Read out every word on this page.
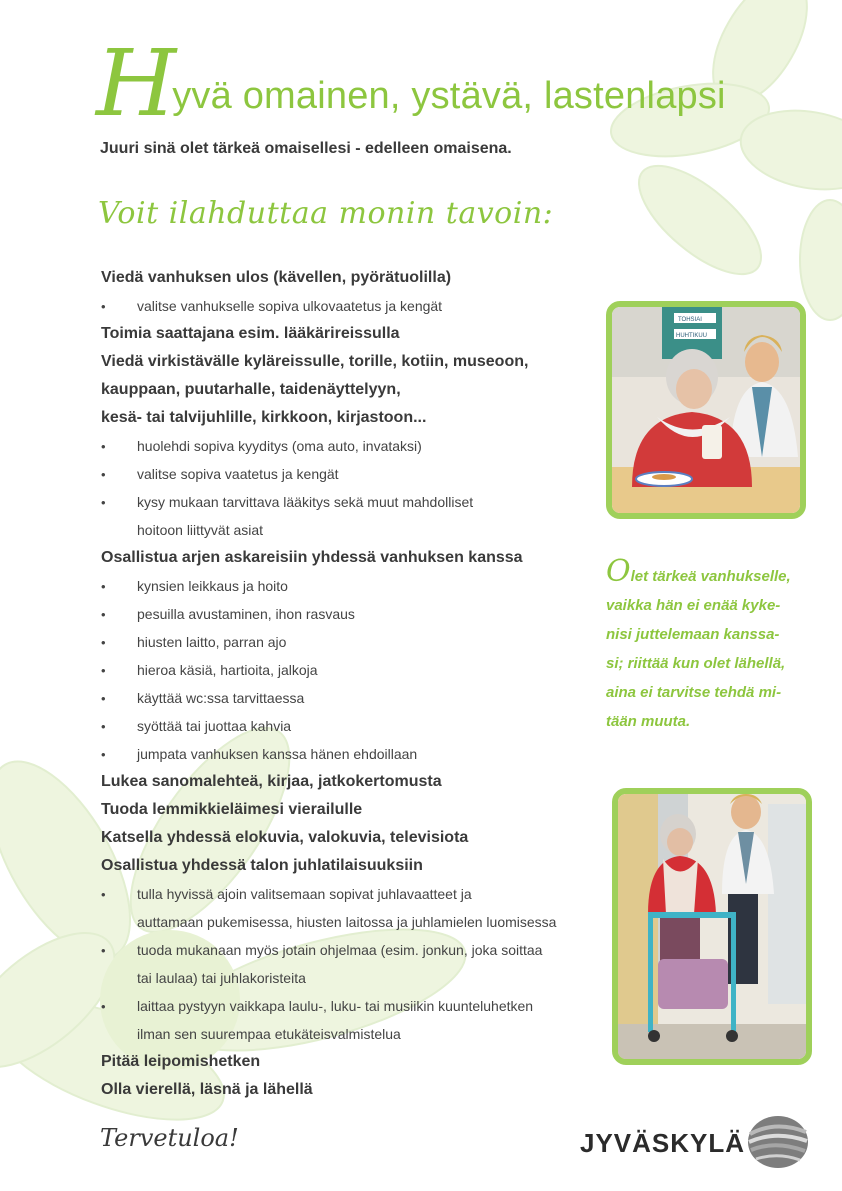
Hyvä omainen, ystävä, lastenlapsi
Juuri sinä olet tärkeä omaisellesi - edelleen omaisena.
Voit ilahduttaa monin tavoin:
Viedä vanhuksen ulos (kävellen, pyörätuolilla)
• valitse vanhukselle sopiva ulkovaatetus ja kengät
Toimia saattajana esim. lääkärireissulla
Viedä virkistävälle kyläreissulle, torille, kotiin, museoon,
kauppaan, puutarhalle, taidenäyttelyyn,
kesä- tai talvijuhlille, kirkkoon, kirjastoon...
• huolehdi sopiva kyyditys (oma auto, invataksi)
• valitse sopiva vaatetus ja kengät
• kysy mukaan tarvittava lääkitys sekä muut mahdolliset
hoitoon liittyvät asiat
Osallistua arjen askareisiin yhdessä vanhuksen kanssa
• kynsien leikkaus ja hoito
• pesuilla avustaminen, ihon rasvaus
• hiusten laitto, parran ajo
• hieroa käsiä, hartioita, jalkoja
• käyttää wc:ssa tarvittaessa
• syöttää tai juottaa kahvia
• jumpata vanhuksen kanssa hänen ehdoillaan
Lukea sanomalehteä, kirjaa, jatkokertomusta
Tuoda lemmikkieläimesi vierailulle
Katsella yhdessä elokuvia, valokuvia, televisiota
Osallistua yhdessä talon juhlatilaisuuksiin
• tulla hyvissä ajoin valitsemaan sopivat juhlavaatteet ja
auttamaan pukemisessa, hiusten laitossa ja juhlamielen luomisessa
• tuoda mukanaan myös jotain ohjelmaa (esim. jonkun, joka soittaa
tai laulaa) tai juhlakoristeita
• laittaa pystyyn vaikkapa laulu-, luku- tai musiikin kuunteluhetken
ilman sen suurempaa etukäteisvalmistelua
Pitää leipomishetken
Olla vierellä, läsnä ja lähellä
TOHSIAI
HUHTIKUU
Olet tärkeä vanhukselle,
vaikka hän ei enää kyke-
nisi juttelemaan kanssa-
si; riittää kun olet lähellä,
aina ei tarvitse tehdä mi-
tään muuta.
Tervetuloa!	JYVÄSKYLÄ
